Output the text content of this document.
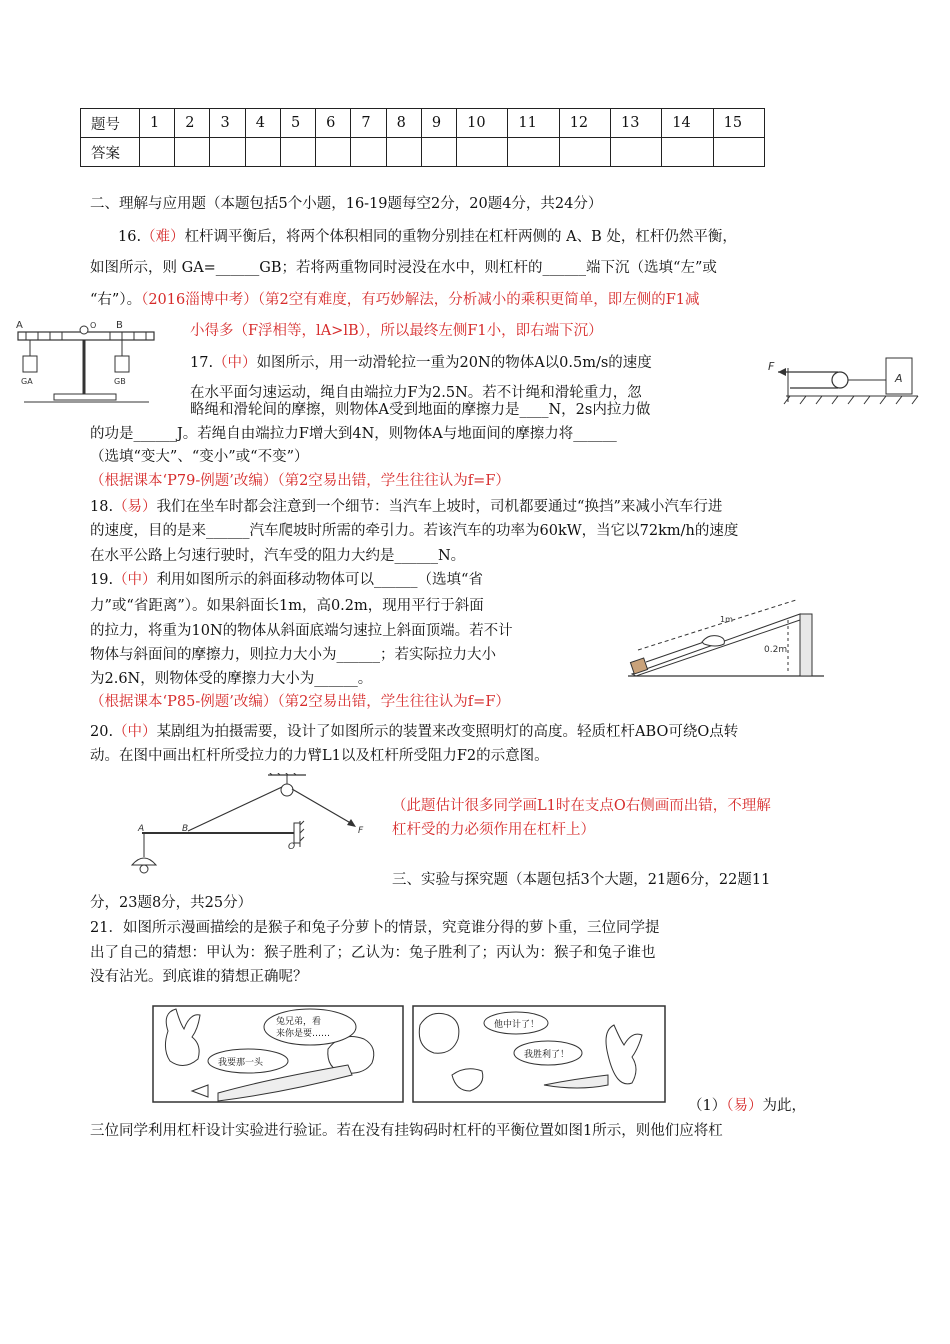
题号	1	2	3	4	5	6	7	8	9	10	11	12	13	14	15
答案															
二、理解与应用题（本题包括5个小题，16-19题每空2分，20题4分，共24分）
16.（难）杠杆调平衡后，将两个体积相同的重物分别挂在杠杆两侧的 A、B 处，杠杆仍然平衡，
如图所示，则 GA=______GB；若将两重物同时浸没在水中，则杠杆的______端下沉（选填“左”或
“右”）。（2016淄博中考）（第2空有难度，有巧妙解法，分析减小的乘积更简单，即左侧的F1减
小得多（F浮相等，lA>lB），所以最终左侧F1小，即右端下沉）
A	B
O
GA	GB
17.（中）如图所示，用一动滑轮拉一重为20N的物体A以0.5m/s的速度
在水平面匀速运动，绳自由端拉力F为2.5N。若不计绳和滑轮重力，忽
略绳和滑轮间的摩擦，则物体A受到地面的摩擦力是____N，2s内拉力做
的功是______J。若绳自由端拉力F增大到4N，则物体A与地面间的摩擦力将______
（选填“变大”、“变小”或“不变”）
（根据课本‘P79-例题’改编）（第2空易出错，学生往往认为f=F）
F
A
18.（易）我们在坐车时都会注意到一个细节：当汽车上坡时，司机都要通过“换挡”来减小汽车行进
的速度，目的是来______汽车爬坡时所需的牵引力。若该汽车的功率为60kW，当它以72km/h的速度
在水平公路上匀速行驶时，汽车受的阻力大约是______N。
19.（中）利用如图所示的斜面移动物体可以______（选填“省
力”或“省距离”）。如果斜面长1m，高0.2m，现用平行于斜面
的拉力，将重为10N的物体从斜面底端匀速拉上斜面顶端。若不计
物体与斜面间的摩擦力，则拉力大小为______；若实际拉力大小
为2.6N，则物体受的摩擦力大小为______。
（根据课本‘P85-例题’改编）（第2空易出错，学生往往认为f=F）
1m
0.2m
20.（中）某剧组为拍摄需要，设计了如图所示的装置来改变照明灯的高度。轻质杠杆ABO可绕O点转
动。在图中画出杠杆所受拉力的力臂L1以及杠杆所受阻力F2的示意图。
（此题估计很多同学画L1时在支点O右侧画而出错，不理解
杠杆受的力必须作用在杠杆上）
A	B
O
F
三、实验与探究题（本题包括3个大题，21题6分，22题11
分，23题8分，共25分）
21．如图所示漫画描绘的是猴子和兔子分萝卜的情景，究竟谁分得的萝卜重，三位同学提
出了自己的猜想：甲认为：猴子胜利了；乙认为：兔子胜利了；丙认为：猴子和兔子谁也
没有沾光。到底谁的猜想正确呢？
兔兄弟，看
来你是要……
我要那一头
他中计了！
我胜利了！
（1）（易）为此，
三位同学利用杠杆设计实验进行验证。若在没有挂钩码时杠杆的平衡位置如图1所示，则他们应将杠
